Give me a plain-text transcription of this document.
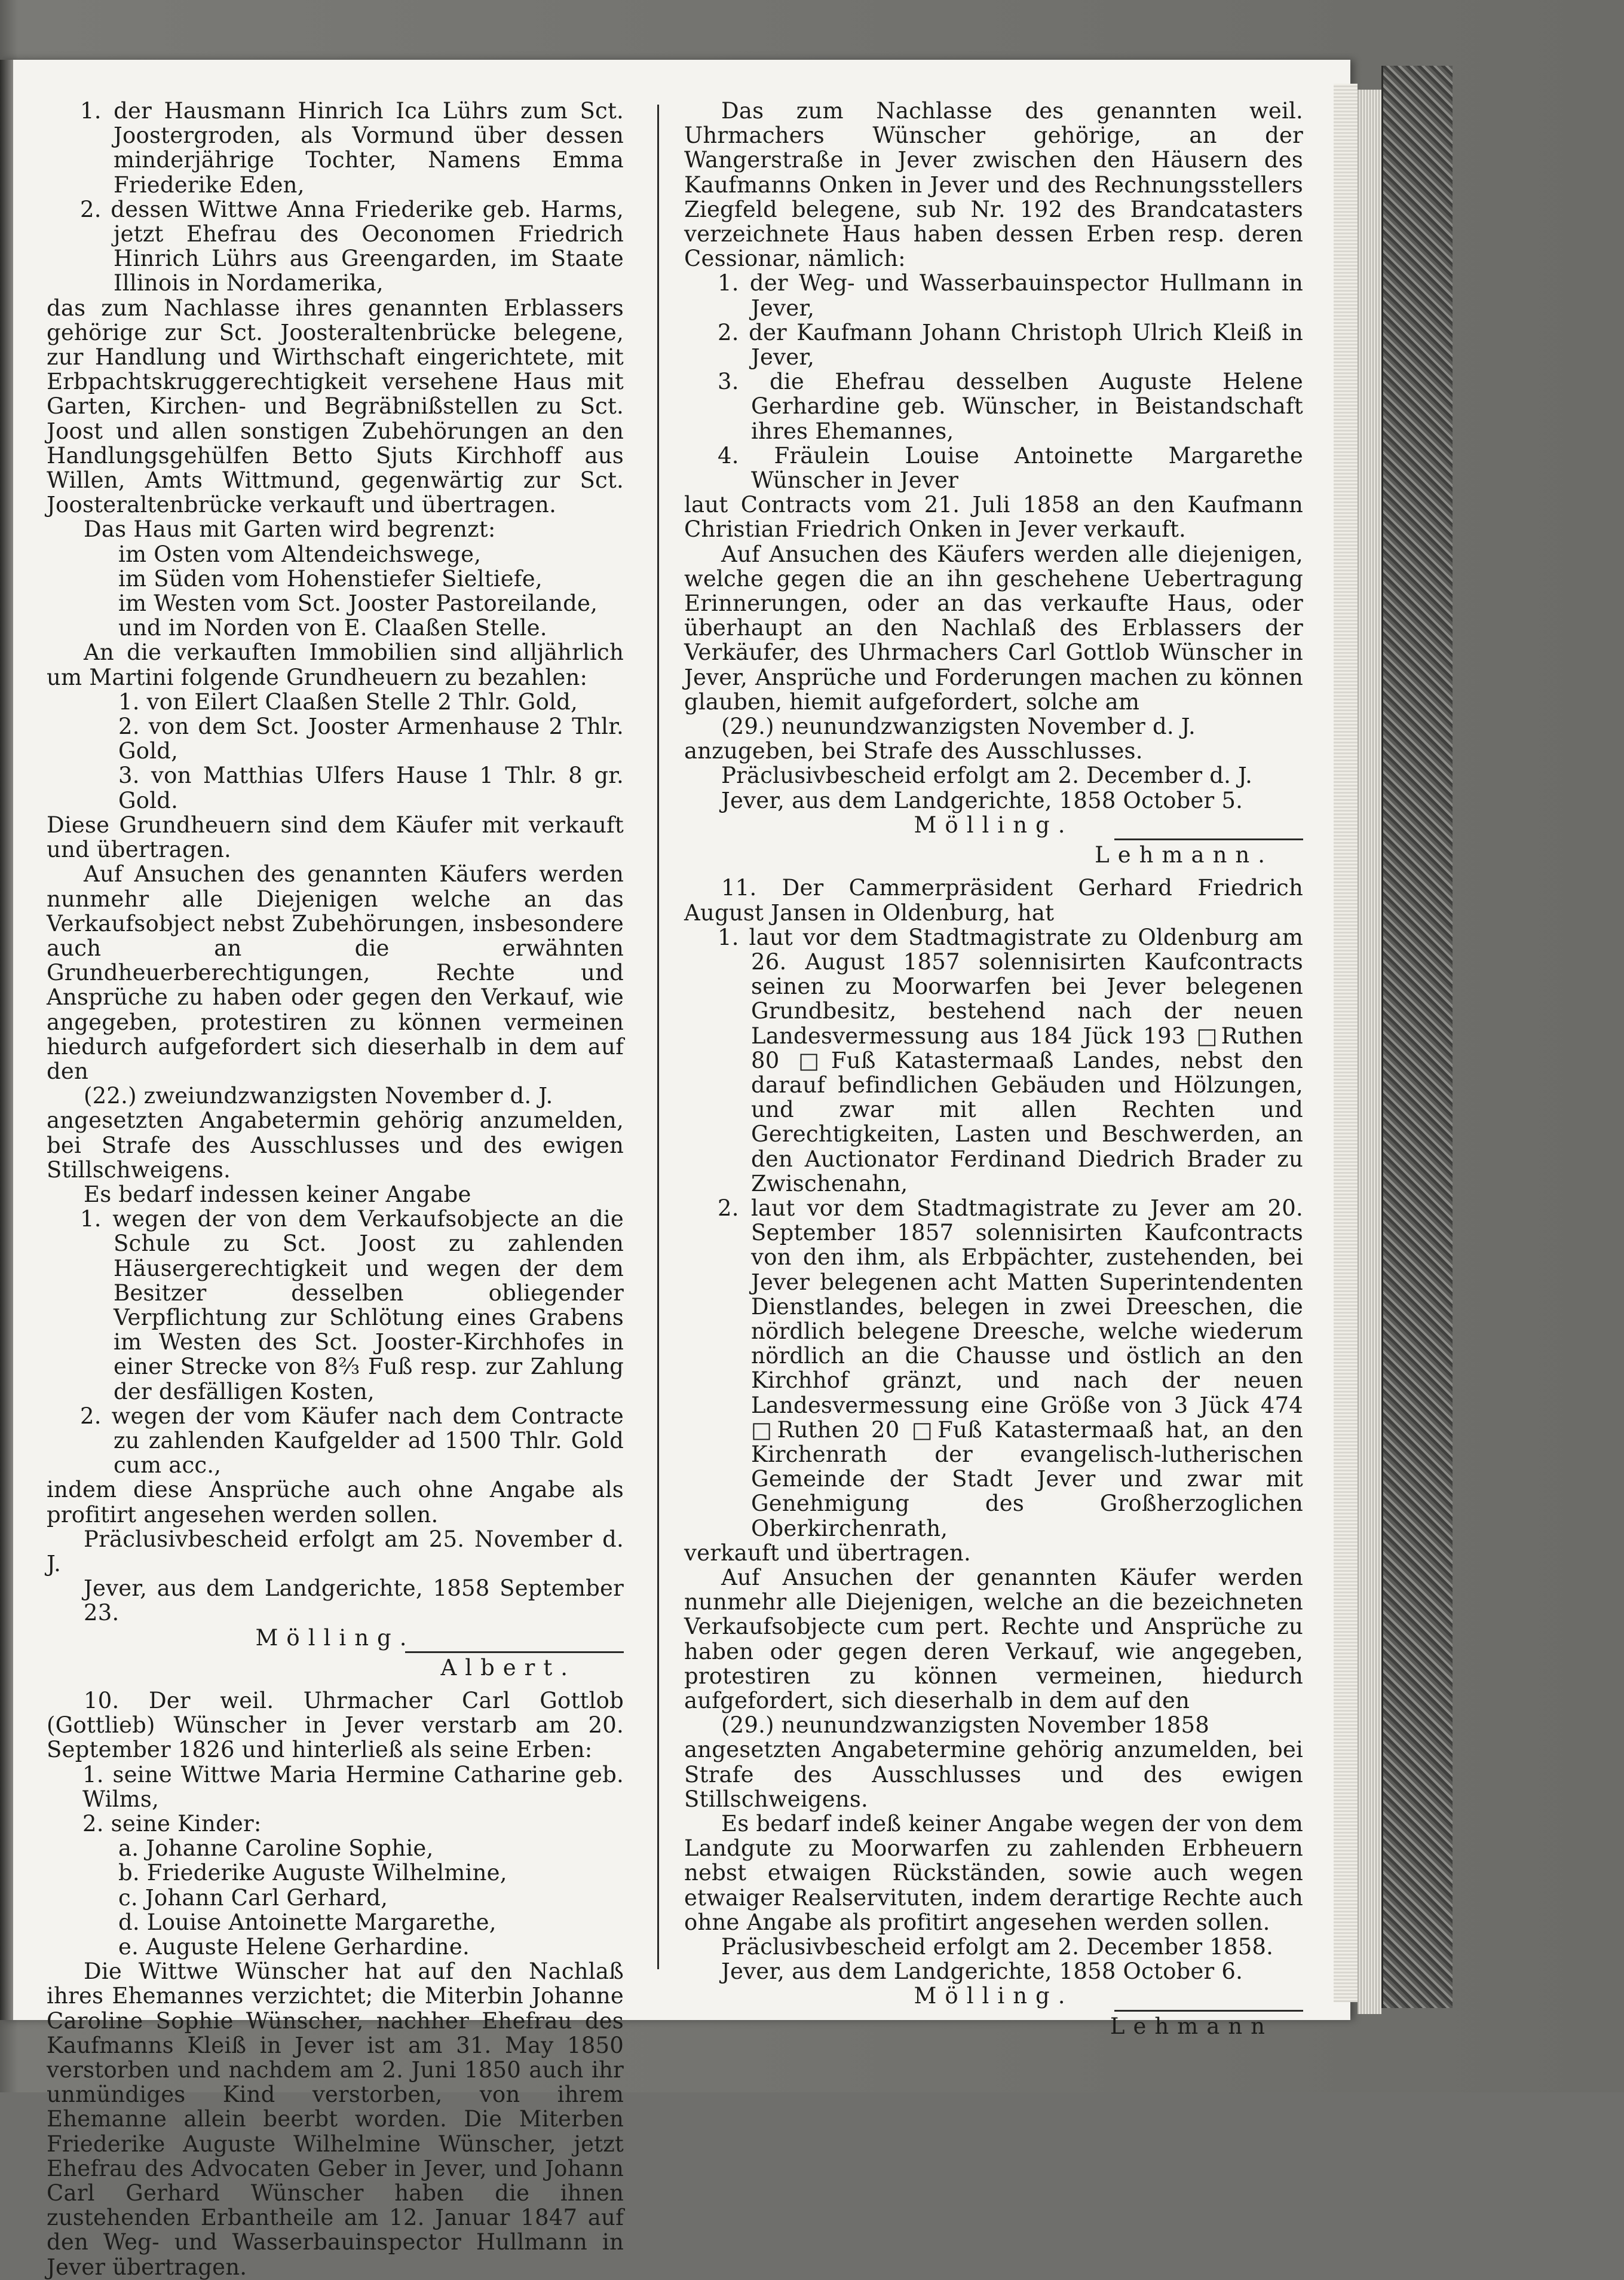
1. der Hausmann Hinrich Ica Lührs zum Sct. Joostergroden, als Vormund über dessen minderjährige Tochter, Namens Emma Friederike Eden,

2. dessen Wittwe Anna Friederike geb. Harms, jetzt Ehefrau des Oeconomen Friedrich Hinrich Lührs aus Greengarden, im Staate Illinois in Nordamerika,

das zum Nachlasse ihres genannten Erblassers gehörige zur Sct. Joosteraltenbrücke belegene, zur Handlung und Wirthschaft eingerichtete, mit Erbpachtskruggerechtigkeit versehene Haus mit Garten, Kirchen- und Begräbnißstellen zu Sct. Joost und allen sonstigen Zubehörungen an den Handlungsgehülfen Betto Sjuts Kirchhoff aus Willen, Amts Wittmund, gegenwärtig zur Sct. Joosteraltenbrücke verkauft und übertragen.

Das Haus mit Garten wird begrenzt:

im Osten vom Altendeichswege,

im Süden vom Hohenstiefer Sieltiefe,

im Westen vom Sct. Jooster Pastoreilande,

und im Norden von E. Claaßen Stelle.

An die verkauften Immobilien sind alljährlich um Martini folgende Grundheuern zu bezahlen:

1. von Eilert Claaßen Stelle 2 Thlr. Gold,

2. von dem Sct. Jooster Armenhause 2 Thlr. Gold,

3. von Matthias Ulfers Hause 1 Thlr. 8 gr. Gold.

Diese Grundheuern sind dem Käufer mit verkauft und übertragen.

Auf Ansuchen des genannten Käufers werden nunmehr alle Diejenigen welche an das Verkaufsobject nebst Zubehörungen, insbesondere auch an die erwähnten Grundheuerberechtigungen, Rechte und Ansprüche zu haben oder gegen den Verkauf, wie angegeben, protestiren zu können vermeinen hiedurch aufgefordert sich dieserhalb in dem auf den

(22.) zweiundzwanzigsten November d. J.

angesetzten Angabetermin gehörig anzumelden, bei Strafe des Ausschlusses und des ewigen Stillschweigens.

Es bedarf indessen keiner Angabe

1. wegen der von dem Verkaufsobjecte an die Schule zu Sct. Joost zu zahlenden Häusergerechtigkeit und wegen der dem Besitzer desselben obliegender Verpflichtung zur Schlötung eines Grabens im Westen des Sct. Jooster-Kirchhofes in einer Strecke von 8⅔ Fuß resp. zur Zahlung der desfälligen Kosten,

2. wegen der vom Käufer nach dem Contracte zu zahlenden Kaufgelder ad 1500 Thlr. Gold cum acc.,

indem diese Ansprüche auch ohne Angabe als profitirt angesehen werden sollen.

Präclusivbescheid erfolgt am 25. November d. J.

Jever, aus dem Landgerichte, 1858 September 23.

Mölling.

Albert.

10. Der weil. Uhrmacher Carl Gottlob (Gottlieb) Wünscher in Jever verstarb am 20. September 1826 und hinterließ als seine Erben:

1. seine Wittwe Maria Hermine Catharine geb. Wilms,

2. seine Kinder:

a. Johanne Caroline Sophie,

b. Friederike Auguste Wilhelmine,

c. Johann Carl Gerhard,

d. Louise Antoinette Margarethe,

e. Auguste Helene Gerhardine.

Die Wittwe Wünscher hat auf den Nachlaß ihres Ehemannes verzichtet; die Miterbin Johanne Caroline Sophie Wünscher, nachher Ehefrau des Kaufmanns Kleiß in Jever ist am 31. May 1850 verstorben und nachdem am 2. Juni 1850 auch ihr unmündiges Kind verstorben, von ihrem Ehemanne allein beerbt worden. Die Miterben Friederike Auguste Wilhelmine Wünscher, jetzt Ehefrau des Advocaten Geber in Jever, und Johann Carl Gerhard Wünscher haben die ihnen zustehenden Erbantheile am 12. Januar 1847 auf den Weg- und Wasserbauinspector Hullmann in Jever übertragen.

Das zum Nachlasse des genannten weil. Uhrmachers Wünscher gehörige, an der Wangerstraße in Jever zwischen den Häusern des Kaufmanns Onken in Jever und des Rechnungsstellers Ziegfeld belegene, sub Nr. 192 des Brandcatasters verzeichnete Haus haben dessen Erben resp. deren Cessionar, nämlich:

1. der Weg- und Wasserbauinspector Hullmann in Jever,

2. der Kaufmann Johann Christoph Ulrich Kleiß in Jever,

3. die Ehefrau desselben Auguste Helene Gerhardine geb. Wünscher, in Beistandschaft ihres Ehemannes,

4. Fräulein Louise Antoinette Margarethe Wünscher in Jever

laut Contracts vom 21. Juli 1858 an den Kaufmann Christian Friedrich Onken in Jever verkauft.

Auf Ansuchen des Käufers werden alle diejenigen, welche gegen die an ihn geschehene Uebertragung Erinnerungen, oder an das verkaufte Haus, oder überhaupt an den Nachlaß des Erblassers der Verkäufer, des Uhrmachers Carl Gottlob Wünscher in Jever, Ansprüche und Forderungen machen zu können glauben, hiemit aufgefordert, solche am

(29.) neunundzwanzigsten November d. J.

anzugeben, bei Strafe des Ausschlusses.

Präclusivbescheid erfolgt am 2. December d. J.

Jever, aus dem Landgerichte, 1858 October 5.

Mölling.

Lehmann.

11. Der Cammerpräsident Gerhard Friedrich August Jansen in Oldenburg, hat

1. laut vor dem Stadtmagistrate zu Oldenburg am 26. August 1857 solennisirten Kaufcontracts seinen zu Moorwarfen bei Jever belegenen Grundbesitz, bestehend nach der neuen Landesvermessung aus 184 Jück 193 □Ruthen 80 □Fuß Katastermaaß Landes, nebst den darauf befindlichen Gebäuden und Hölzungen, und zwar mit allen Rechten und Gerechtigkeiten, Lasten und Beschwerden, an den Auctionator Ferdinand Diedrich Brader zu Zwischenahn,

2. laut vor dem Stadtmagistrate zu Jever am 20. September 1857 solennisirten Kaufcontracts von den ihm, als Erbpächter, zustehenden, bei Jever belegenen acht Matten Superintendenten Dienstlandes, belegen in zwei Dreeschen, die nördlich belegene Dreesche, welche wiederum nördlich an die Chausse und östlich an den Kirchhof gränzt, und nach der neuen Landesvermessung eine Größe von 3 Jück 474 □Ruthen 20 □Fuß Katastermaaß hat, an den Kirchenrath der evangelisch-lutherischen Gemeinde der Stadt Jever und zwar mit Genehmigung des Großherzoglichen Oberkirchenrath,

verkauft und übertragen.

Auf Ansuchen der genannten Käufer werden nunmehr alle Diejenigen, welche an die bezeichneten Verkaufsobjecte cum pert. Rechte und Ansprüche zu haben oder gegen deren Verkauf, wie angegeben, protestiren zu können vermeinen, hiedurch aufgefordert, sich dieserhalb in dem auf den

(29.) neunundzwanzigsten November 1858

angesetzten Angabetermine gehörig anzumelden, bei Strafe des Ausschlusses und des ewigen Stillschweigens.

Es bedarf indeß keiner Angabe wegen der von dem Landgute zu Moorwarfen zu zahlenden Erbheuern nebst etwaigen Rückständen, sowie auch wegen etwaiger Realservituten, indem derartige Rechte auch ohne Angabe als profitirt angesehen werden sollen.

Präclusivbescheid erfolgt am 2. December 1858.

Jever, aus dem Landgerichte, 1858 October 6.

Mölling.

Lehmann
